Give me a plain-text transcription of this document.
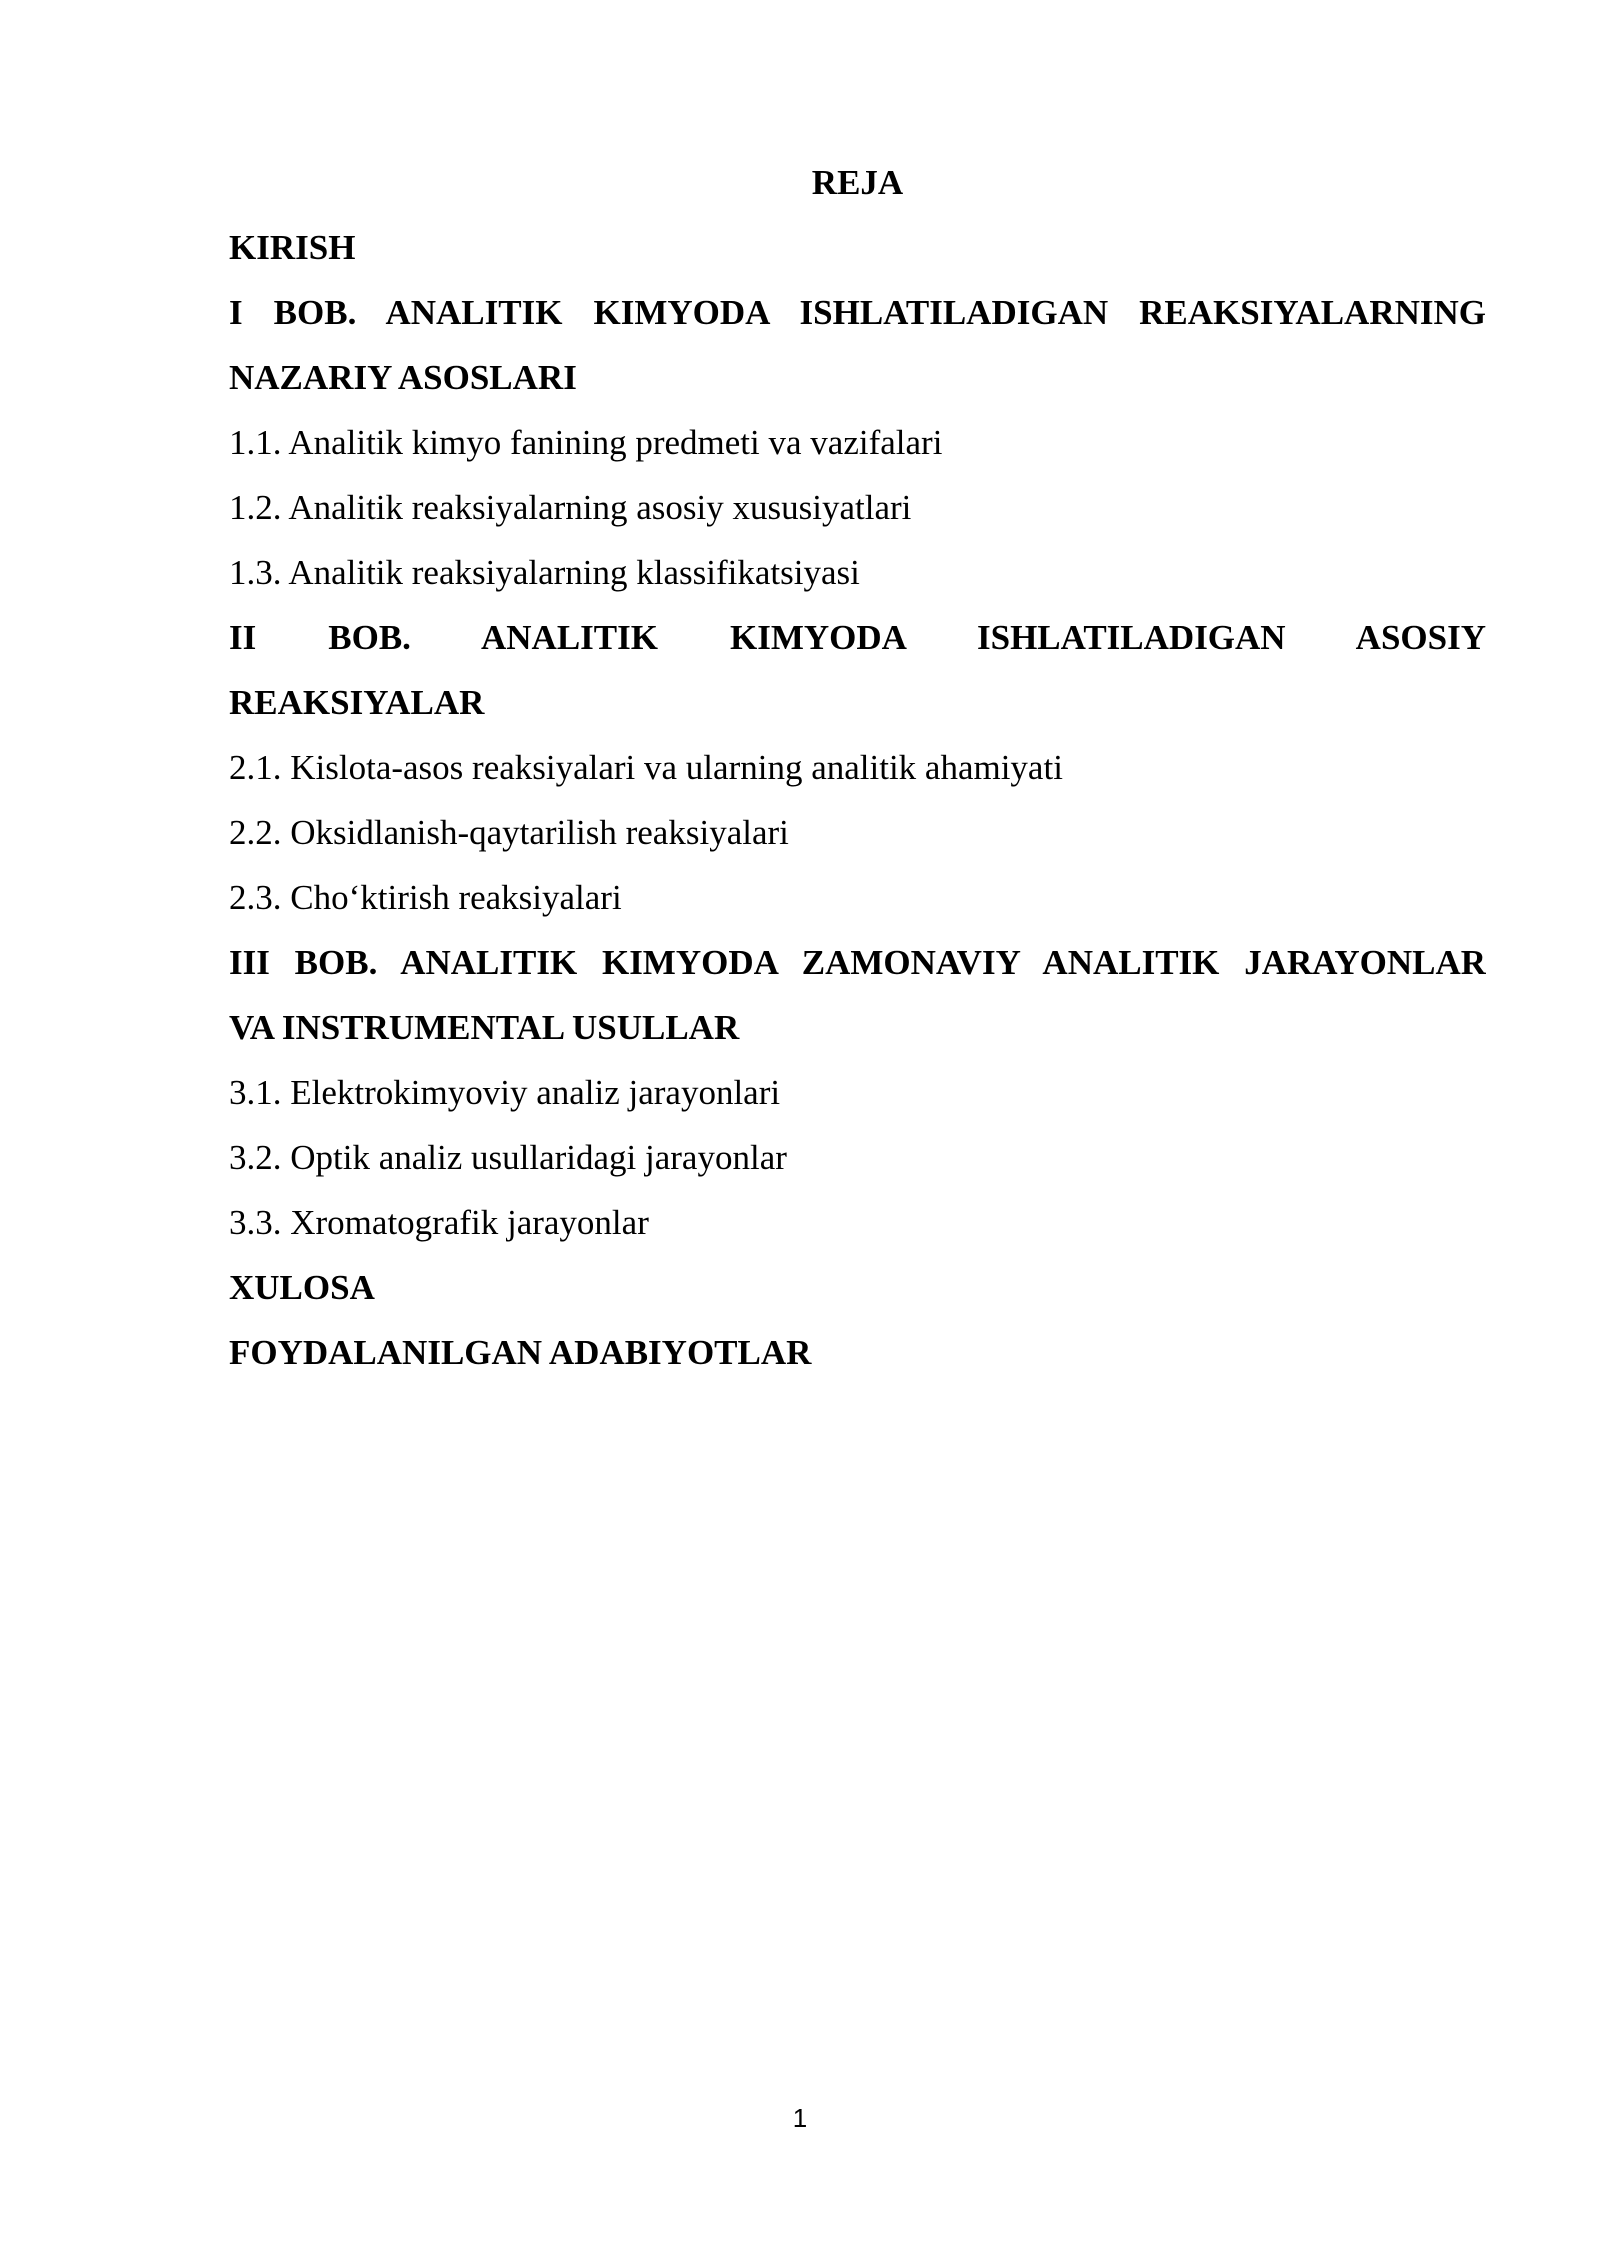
REJA
KIRISH
I BOB. ANALITIK KIMYODA ISHLATILADIGAN REAKSIYALARNING
NAZARIY ASOSLARI
1.1. Analitik kimyo fanining predmeti va vazifalari
1.2. Analitik reaksiyalarning asosiy xususiyatlari
1.3. Analitik reaksiyalarning klassifikatsiyasi
II BOB. ANALITIK KIMYODA ISHLATILADIGAN ASOSIY
REAKSIYALAR
2.1. Kislota-asos reaksiyalari va ularning analitik ahamiyati
2.2. Oksidlanish-qaytarilish reaksiyalari
2.3. Cho‘ktirish reaksiyalari
III BOB. ANALITIK KIMYODA ZAMONAVIY ANALITIK JARAYONLAR
VA INSTRUMENTAL USULLAR
3.1. Elektrokimyoviy analiz jarayonlari
3.2. Optik analiz usullaridagi jarayonlar
3.3. Xromatografik jarayonlar
XULOSA
FOYDALANILGAN ADABIYOTLAR
1
